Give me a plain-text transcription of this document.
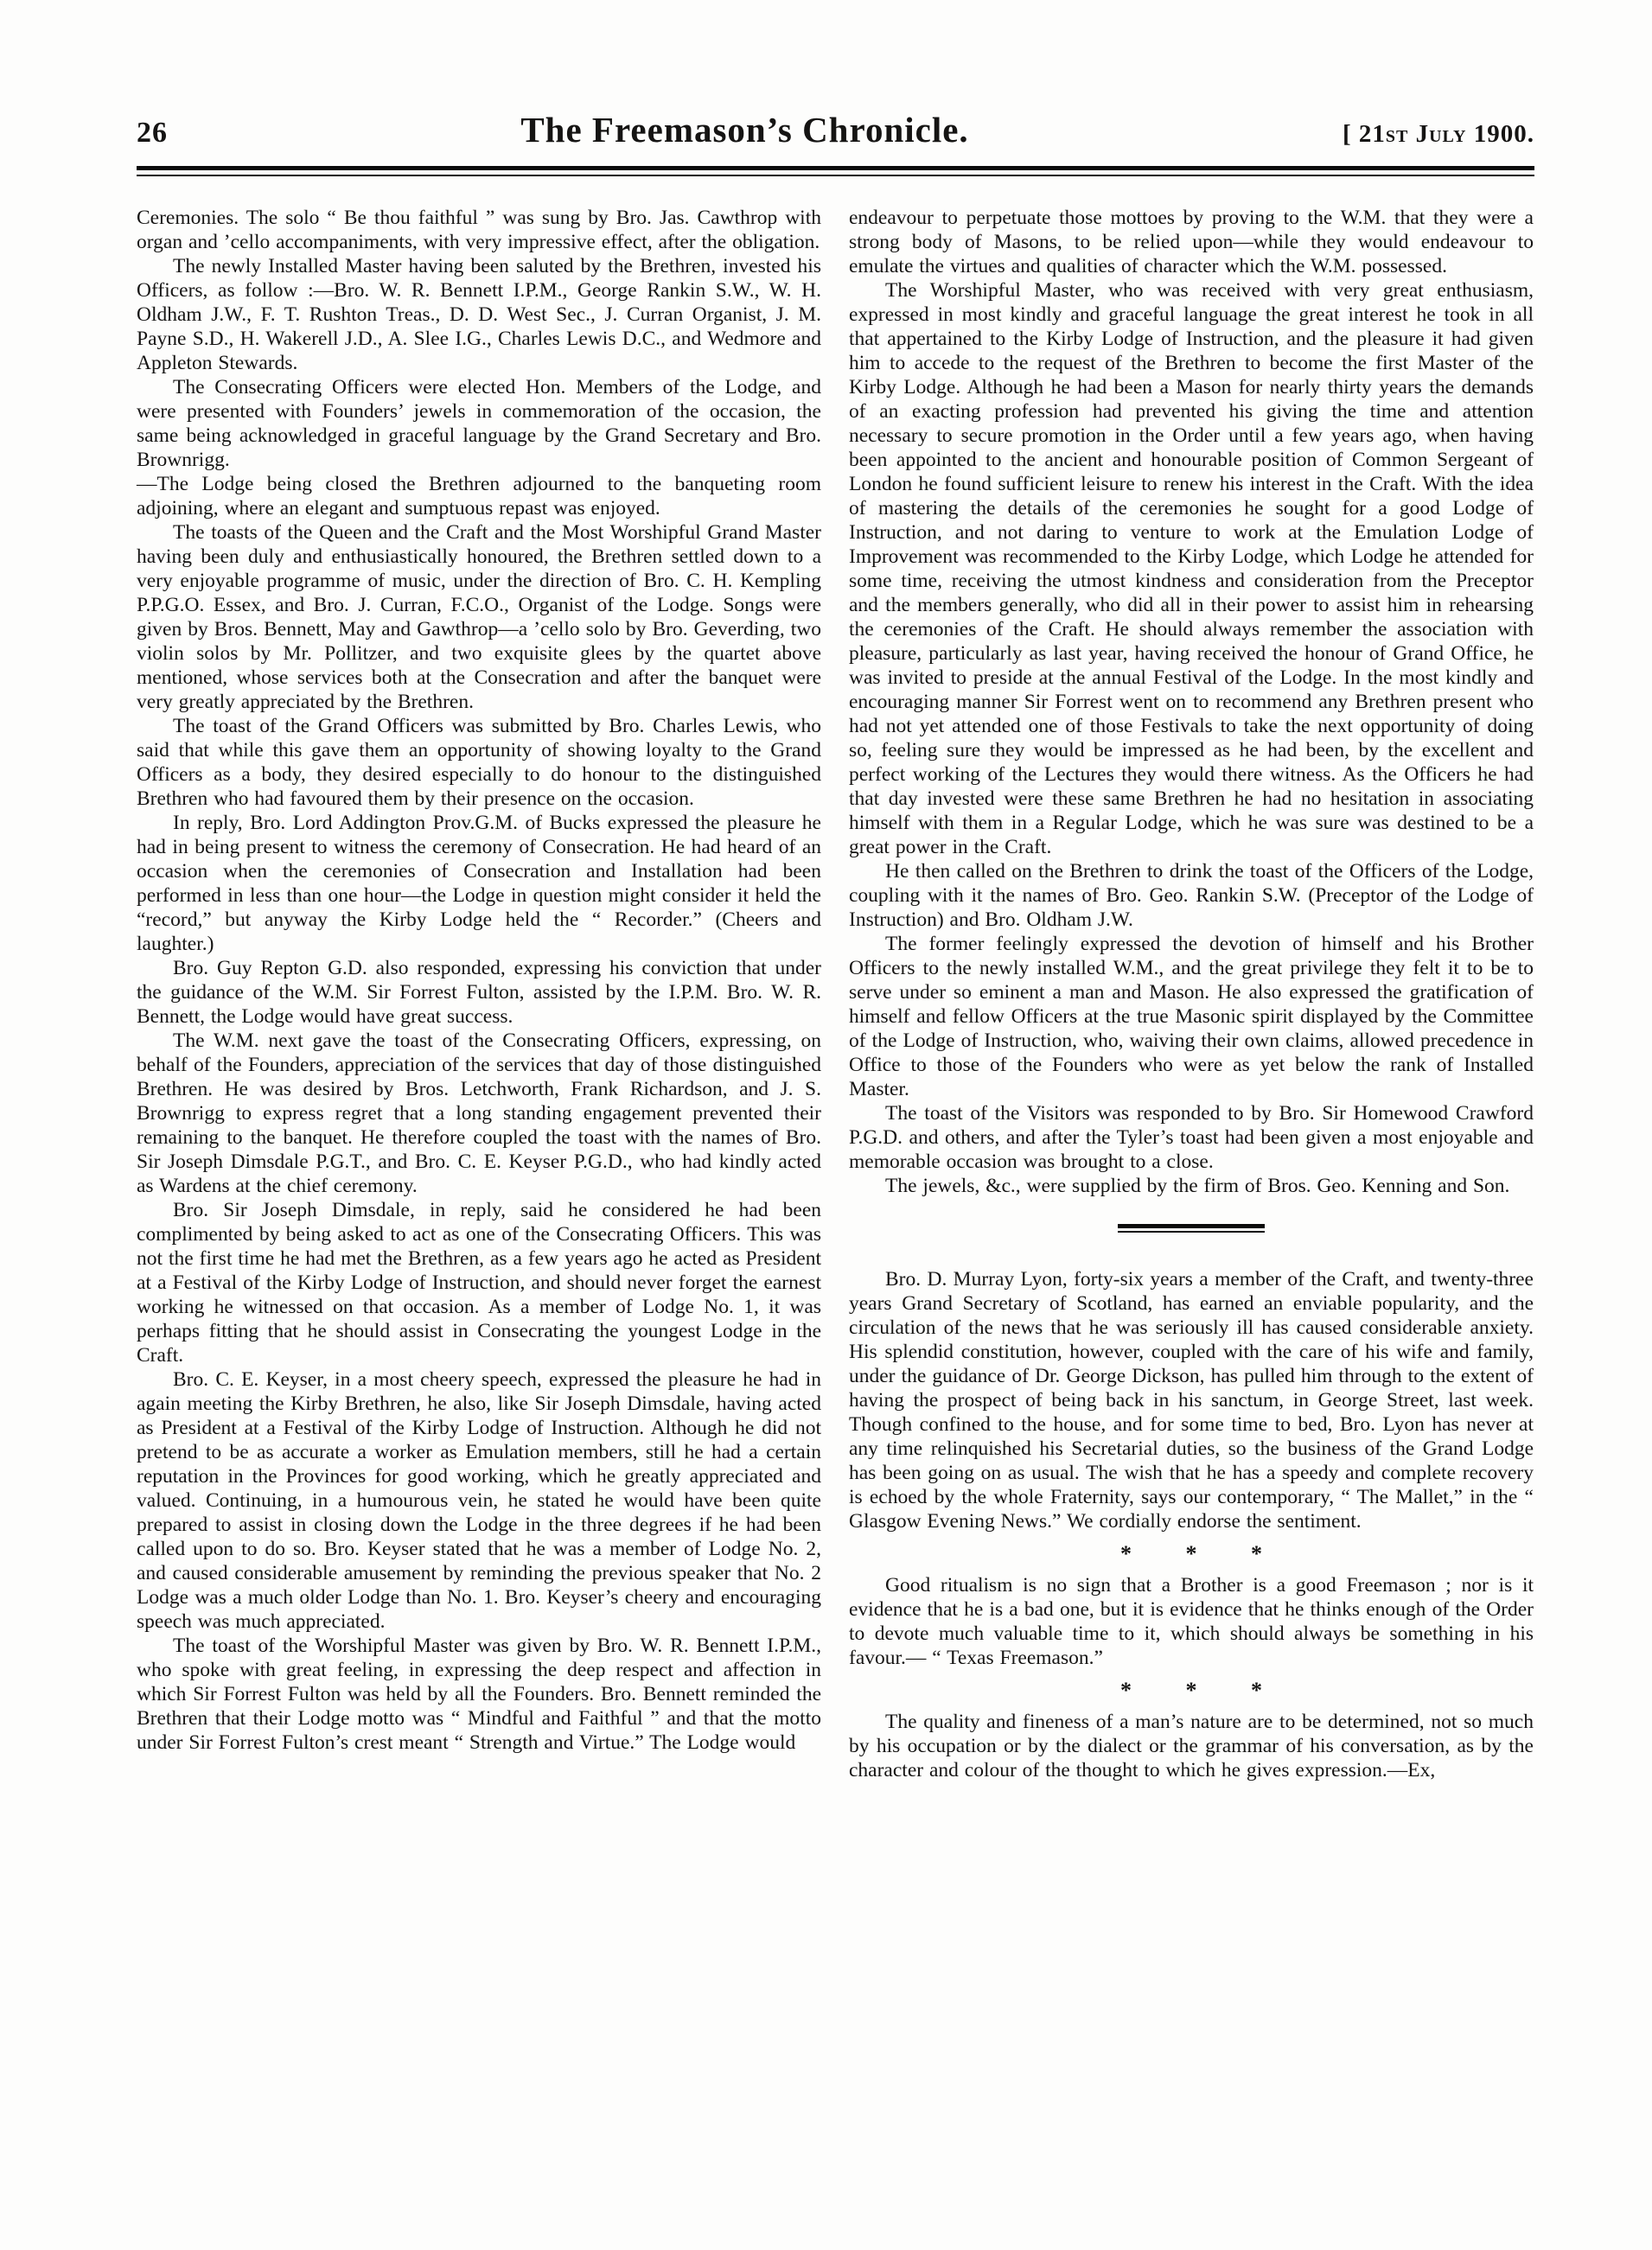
26	The Freemason’s Chronicle.	[ 21st July 1900.

Ceremonies. The solo “ Be thou faithful ” was sung by Bro. Jas. Cawthrop with organ and ’cello accompaniments, with very impressive effect, after the obligation.

The newly Installed Master having been saluted by the Brethren, invested his Officers, as follow :—Bro. W. R. Bennett I.P.M., George Rankin S.W., W. H. Oldham J.W., F. T. Rushton Treas., D. D. West Sec., J. Curran Organist, J. M. Payne S.D., H. Wakerell J.D., A. Slee I.G., Charles Lewis D.C., and Wedmore and Appleton Stewards.

The Consecrating Officers were elected Hon. Members of the Lodge, and were presented with Founders’ jewels in commemoration of the occasion, the same being acknowledged in graceful language by the Grand Secretary and Bro. Brownrigg.

—The Lodge being closed the Brethren adjourned to the banqueting room adjoining, where an elegant and sumptuous repast was enjoyed.

The toasts of the Queen and the Craft and the Most Worshipful Grand Master having been duly and enthusiastically honoured, the Brethren settled down to a very enjoyable programme of music, under the direction of Bro. C. H. Kempling P.P.G.O. Essex, and Bro. J. Curran, F.C.O., Organist of the Lodge. Songs were given by Bros. Bennett, May and Gawthrop—a ’cello solo by Bro. Geverding, two violin solos by Mr. Pollitzer, and two exquisite glees by the quartet above mentioned, whose services both at the Consecration and after the banquet were very greatly appreciated by the Brethren.

The toast of the Grand Officers was submitted by Bro. Charles Lewis, who said that while this gave them an opportunity of showing loyalty to the Grand Officers as a body, they desired especially to do honour to the distinguished Brethren who had favoured them by their presence on the occasion.

In reply, Bro. Lord Addington Prov.G.M. of Bucks expressed the pleasure he had in being present to witness the ceremony of Consecration. He had heard of an occasion when the ceremonies of Consecration and Installation had been performed in less than one hour—the Lodge in question might consider it held the “record,” but anyway the Kirby Lodge held the “ Recorder.” (Cheers and laughter.)

Bro. Guy Repton G.D. also responded, expressing his conviction that under the guidance of the W.M. Sir Forrest Fulton, assisted by the I.P.M. Bro. W. R. Bennett, the Lodge would have great success.

The W.M. next gave the toast of the Consecrating Officers, expressing, on behalf of the Founders, appreciation of the services that day of those distinguished Brethren. He was desired by Bros. Letchworth, Frank Richardson, and J. S. Brownrigg to express regret that a long standing engagement prevented their remaining to the banquet. He therefore coupled the toast with the names of Bro. Sir Joseph Dimsdale P.G.T., and Bro. C. E. Keyser P.G.D., who had kindly acted as Wardens at the chief ceremony.

Bro. Sir Joseph Dimsdale, in reply, said he considered he had been complimented by being asked to act as one of the Consecrating Officers. This was not the first time he had met the Brethren, as a few years ago he acted as President at a Festival of the Kirby Lodge of Instruction, and should never forget the earnest working he witnessed on that occasion. As a member of Lodge No. 1, it was perhaps fitting that he should assist in Consecrating the youngest Lodge in the Craft.

Bro. C. E. Keyser, in a most cheery speech, expressed the pleasure he had in again meeting the Kirby Brethren, he also, like Sir Joseph Dimsdale, having acted as President at a Festival of the Kirby Lodge of Instruction. Although he did not pretend to be as accurate a worker as Emulation members, still he had a certain reputation in the Provinces for good working, which he greatly appreciated and valued. Continuing, in a humourous vein, he stated he would have been quite prepared to assist in closing down the Lodge in the three degrees if he had been called upon to do so. Bro. Keyser stated that he was a member of Lodge No. 2, and caused considerable amusement by reminding the previous speaker that No. 2 Lodge was a much older Lodge than No. 1. Bro. Keyser’s cheery and encouraging speech was much appreciated.

The toast of the Worshipful Master was given by Bro. W. R. Bennett I.P.M., who spoke with great feeling, in expressing the deep respect and affection in which Sir Forrest Fulton was held by all the Founders. Bro. Bennett reminded the Brethren that their Lodge motto was “ Mindful and Faithful ” and that the motto under Sir Forrest Fulton’s crest meant “ Strength and Virtue.” The Lodge would

endeavour to perpetuate those mottoes by proving to the W.M. that they were a strong body of Masons, to be relied upon—while they would endeavour to emulate the virtues and qualities of character which the W.M. possessed.

The Worshipful Master, who was received with very great enthusiasm, expressed in most kindly and graceful language the great interest he took in all that appertained to the Kirby Lodge of Instruction, and the pleasure it had given him to accede to the request of the Brethren to become the first Master of the Kirby Lodge. Although he had been a Mason for nearly thirty years the demands of an exacting profession had prevented his giving the time and attention necessary to secure promotion in the Order until a few years ago, when having been appointed to the ancient and honourable position of Common Sergeant of London he found sufficient leisure to renew his interest in the Craft. With the idea of mastering the details of the ceremonies he sought for a good Lodge of Instruction, and not daring to venture to work at the Emulation Lodge of Improvement was recommended to the Kirby Lodge, which Lodge he attended for some time, receiving the utmost kindness and consideration from the Preceptor and the members generally, who did all in their power to assist him in rehearsing the ceremonies of the Craft. He should always remember the association with pleasure, particularly as last year, having received the honour of Grand Office, he was invited to preside at the annual Festival of the Lodge. In the most kindly and encouraging manner Sir Forrest went on to recommend any Brethren present who had not yet attended one of those Festivals to take the next opportunity of doing so, feeling sure they would be impressed as he had been, by the excellent and perfect working of the Lectures they would there witness. As the Officers he had that day invested were these same Brethren he had no hesitation in associating himself with them in a Regular Lodge, which he was sure was destined to be a great power in the Craft.

He then called on the Brethren to drink the toast of the Officers of the Lodge, coupling with it the names of Bro. Geo. Rankin S.W. (Preceptor of the Lodge of Instruction) and Bro. Oldham J.W.

The former feelingly expressed the devotion of himself and his Brother Officers to the newly installed W.M., and the great privilege they felt it to be to serve under so eminent a man and Mason. He also expressed the gratification of himself and fellow Officers at the true Masonic spirit displayed by the Committee of the Lodge of Instruction, who, waiving their own claims, allowed precedence in Office to those of the Founders who were as yet below the rank of Installed Master.

The toast of the Visitors was responded to by Bro. Sir Homewood Crawford P.G.D. and others, and after the Tyler’s toast had been given a most enjoyable and memorable occasion was brought to a close.

The jewels, &c., were supplied by the firm of Bros. Geo. Kenning and Son.

Bro. D. Murray Lyon, forty-six years a member of the Craft, and twenty-three years Grand Secretary of Scotland, has earned an enviable popularity, and the circulation of the news that he was seriously ill has caused considerable anxiety. His splendid constitution, however, coupled with the care of his wife and family, under the guidance of Dr. George Dickson, has pulled him through to the extent of having the prospect of being back in his sanctum, in George Street, last week. Though confined to the house, and for some time to bed, Bro. Lyon has never at any time relinquished his Secretarial duties, so the business of the Grand Lodge has been going on as usual. The wish that he has a speedy and complete recovery is echoed by the whole Fraternity, says our contemporary, “ The Mallet,” in the “ Glasgow Evening News.” We cordially endorse the sentiment.

* * *

Good ritualism is no sign that a Brother is a good Freemason ; nor is it evidence that he is a bad one, but it is evidence that he thinks enough of the Order to devote much valuable time to it, which should always be something in his favour.— “ Texas Freemason.”

* * *

The quality and fineness of a man’s nature are to be determined, not so much by his occupation or by the dialect or the grammar of his conversation, as by the character and colour of the thought to which he gives expression.—Ex,
